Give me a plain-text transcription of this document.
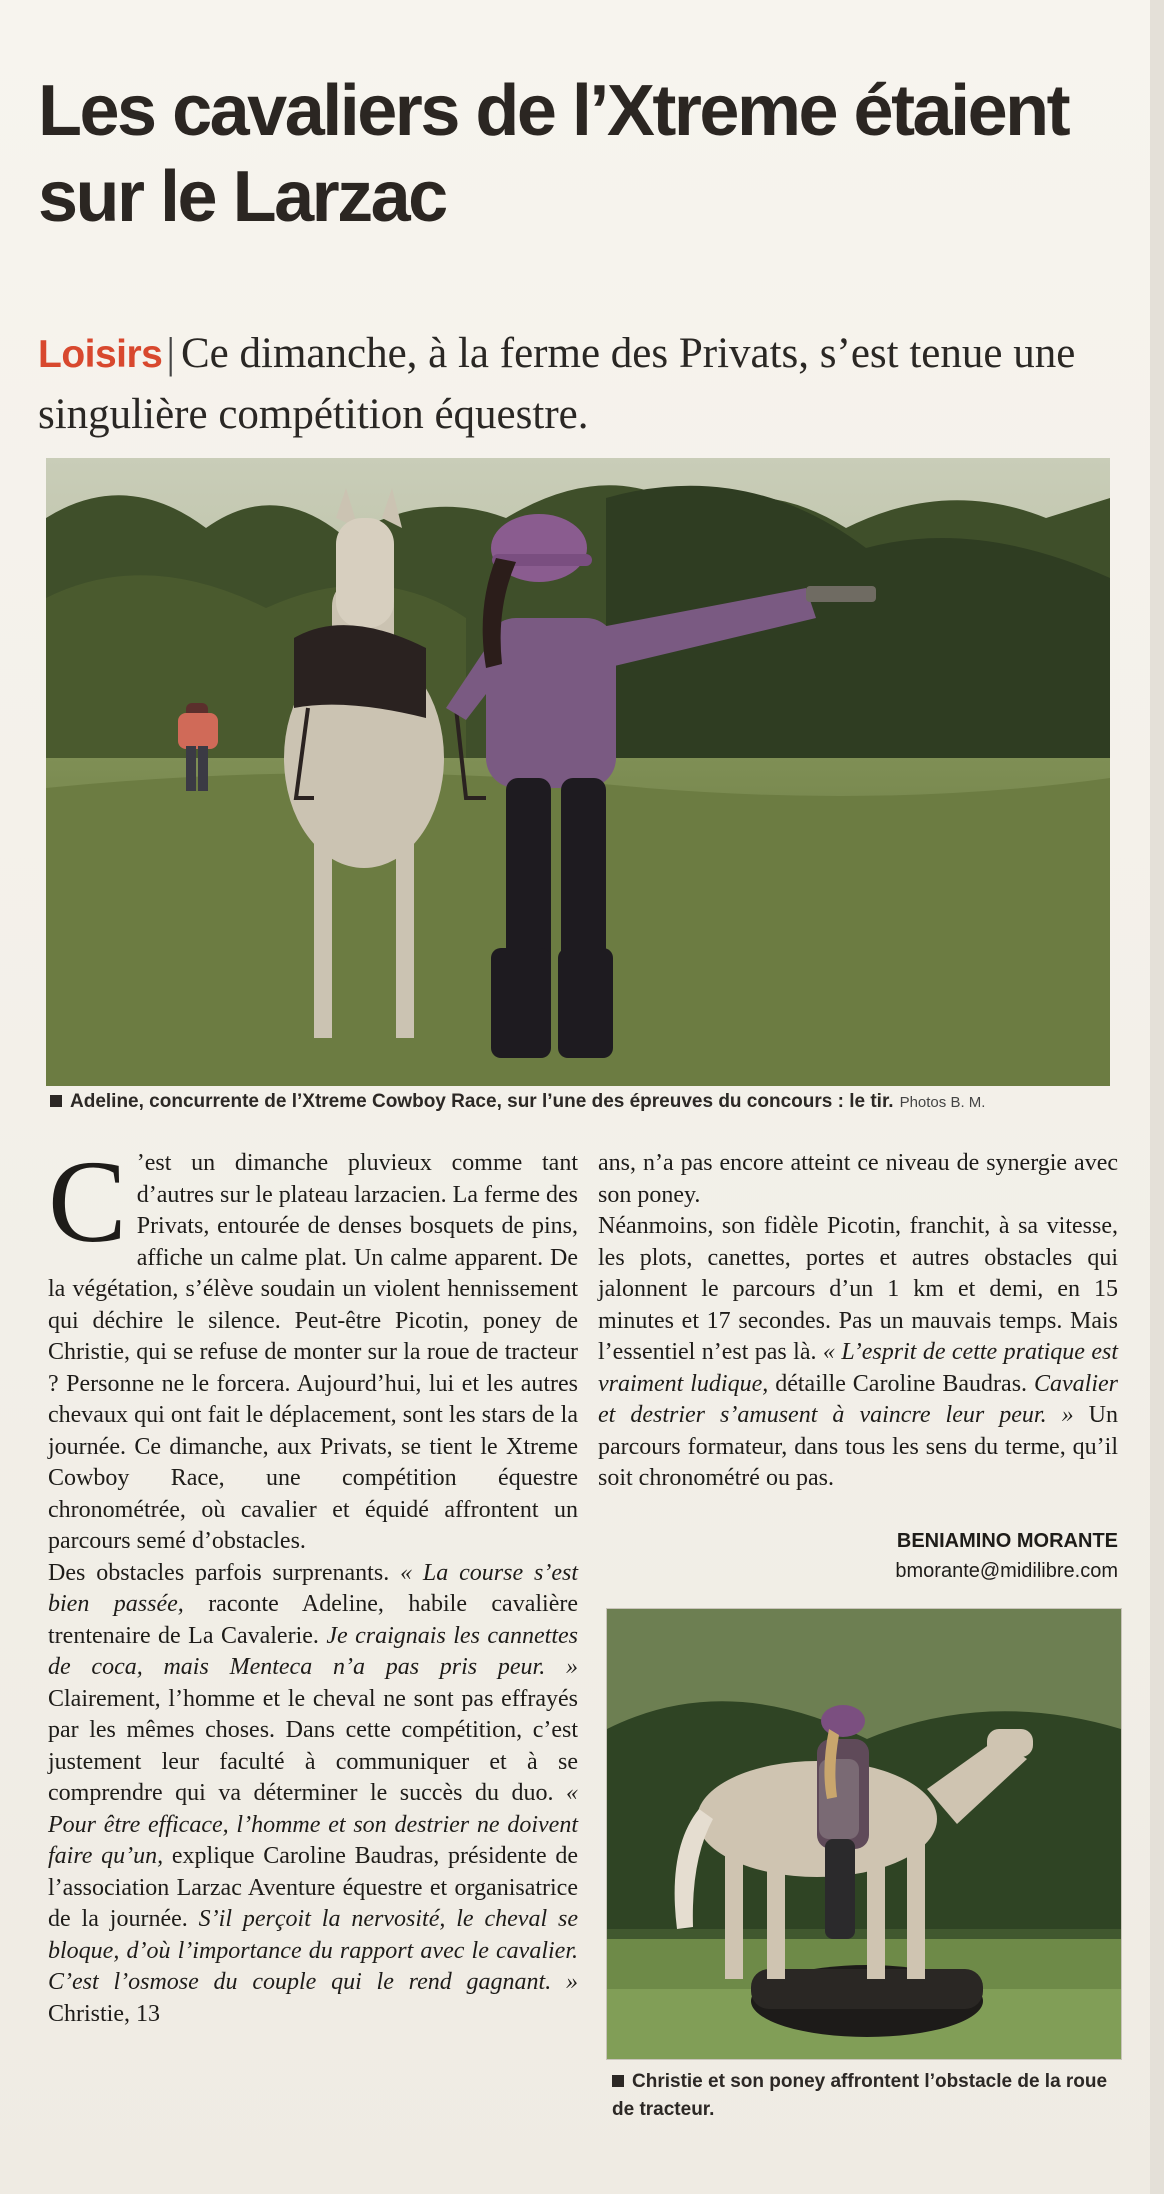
Les cavaliers de l’Xtreme étaient sur le Larzac
Loisirs| Ce dimanche, à la ferme des Privats, s’est tenue une singulière compétition équestre.
Adeline, concurrente de l’Xtreme Cowboy Race, sur l’une des épreuves du concours : le tir. Photos B. M.

C ’est un dimanche pluvieux comme tant d’autres sur le plateau larzacien. La ferme des Privats, entourée de denses bosquets de pins, affiche un calme plat. Un calme apparent. De la végétation, s’élève soudain un violent hennissement qui déchire le silence. Peut-être Picotin, poney de Christie, qui se refuse de monter sur la roue de tracteur ? Personne ne le forcera. Aujourd’hui, lui et les autres chevaux qui ont fait le déplacement, sont les stars de la journée. Ce dimanche, aux Privats, se tient le Xtreme Cowboy Race, une compétition équestre chronométrée, où cavalier et équidé affrontent un parcours semé d’obstacles.

Des obstacles parfois surprenants. « La course s’est bien passée, raconte Adeline, habile cavalière trentenaire de La Cavalerie. Je craignais les cannettes de coca, mais Menteca n’a pas pris peur. » Clairement, l’homme et le cheval ne sont pas effrayés par les mêmes choses. Dans cette compétition, c’est justement leur faculté à communiquer et à se comprendre qui va déterminer le succès du duo. « Pour être efficace, l’homme et son destrier ne doivent faire qu’un, explique Caroline Baudras, présidente de l’association Larzac Aventure équestre et organisatrice de la journée. S’il perçoit la nervosité, le cheval se bloque, d’où l’importance du rapport avec le cavalier. C’est l’osmose du couple qui le rend gagnant. » Christie, 13

ans, n’a pas encore atteint ce niveau de synergie avec son poney.

Néanmoins, son fidèle Picotin, franchit, à sa vitesse, les plots, canettes, portes et autres obstacles qui jalonnent le parcours d’un 1 km et demi, en 15 minutes et 17 secondes. Pas un mauvais temps. Mais l’essentiel n’est pas là. « L’esprit de cette pratique est vraiment ludique, détaille Caroline Baudras. Cavalier et destrier s’amusent à vaincre leur peur. » Un parcours formateur, dans tous les sens du terme, qu’il soit chronométré ou pas.

BENIAMINO MORANTE
bmorante@midilibre.com
Christie et son poney affrontent l’obstacle de la roue de tracteur.
